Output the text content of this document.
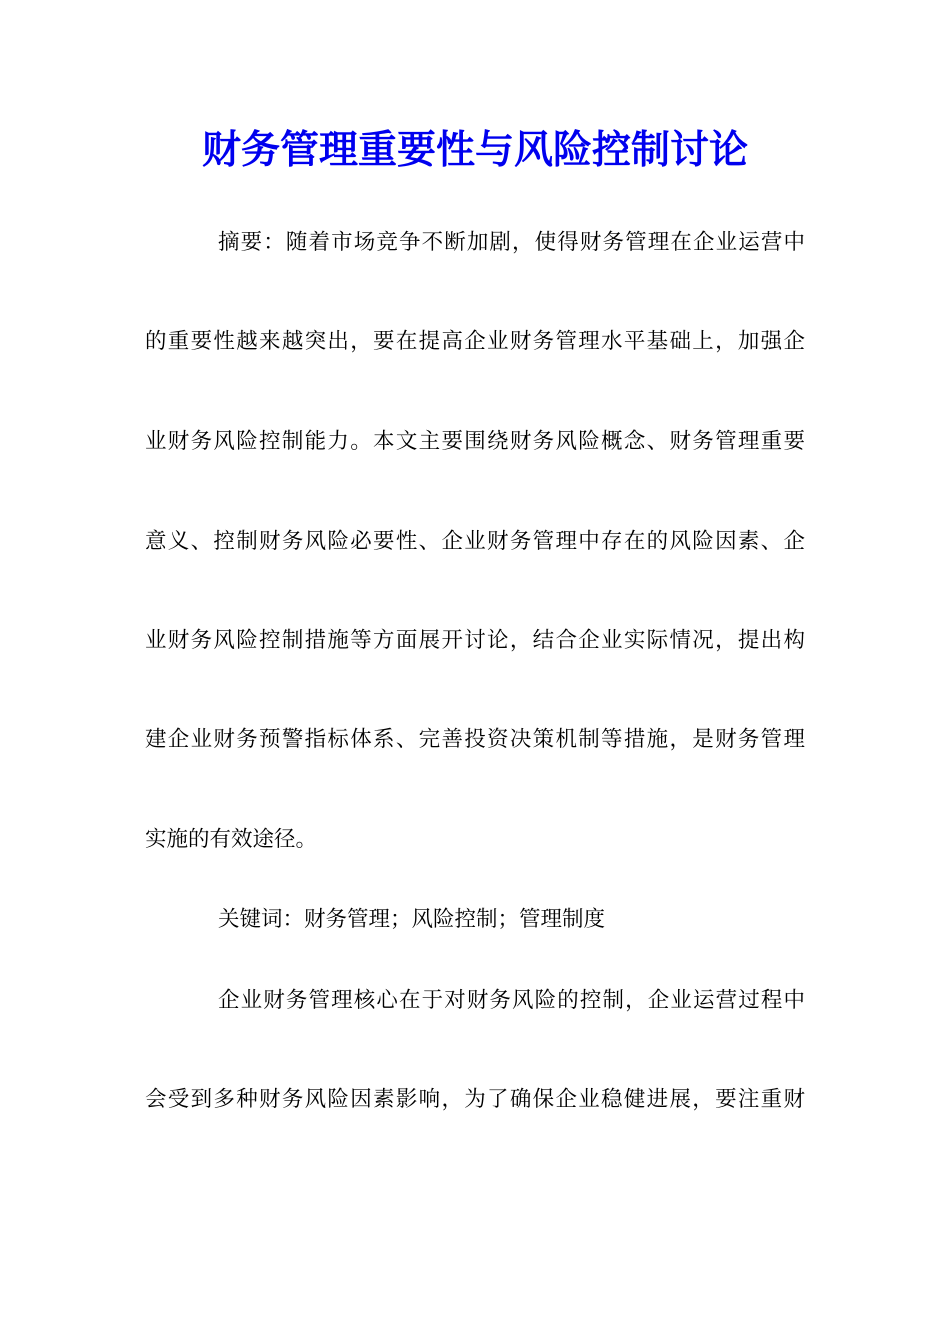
财务管理重要性与风险控制讨论
摘要：随着市场竞争不断加剧，使得财务管理在企业运营中
的重要性越来越突出，要在提高企业财务管理水平基础上，加强企
业财务风险控制能力。本文主要围绕财务风险概念、财务管理重要
意义、控制财务风险必要性、企业财务管理中存在的风险因素、企
业财务风险控制措施等方面展开讨论，结合企业实际情况，提出构
建企业财务预警指标体系、完善投资决策机制等措施，是财务管理
实施的有效途径。
关键词：财务管理；风险控制；管理制度
企业财务管理核心在于对财务风险的控制，企业运营过程中
会受到多种财务风险因素影响，为了确保企业稳健进展，要注重财
